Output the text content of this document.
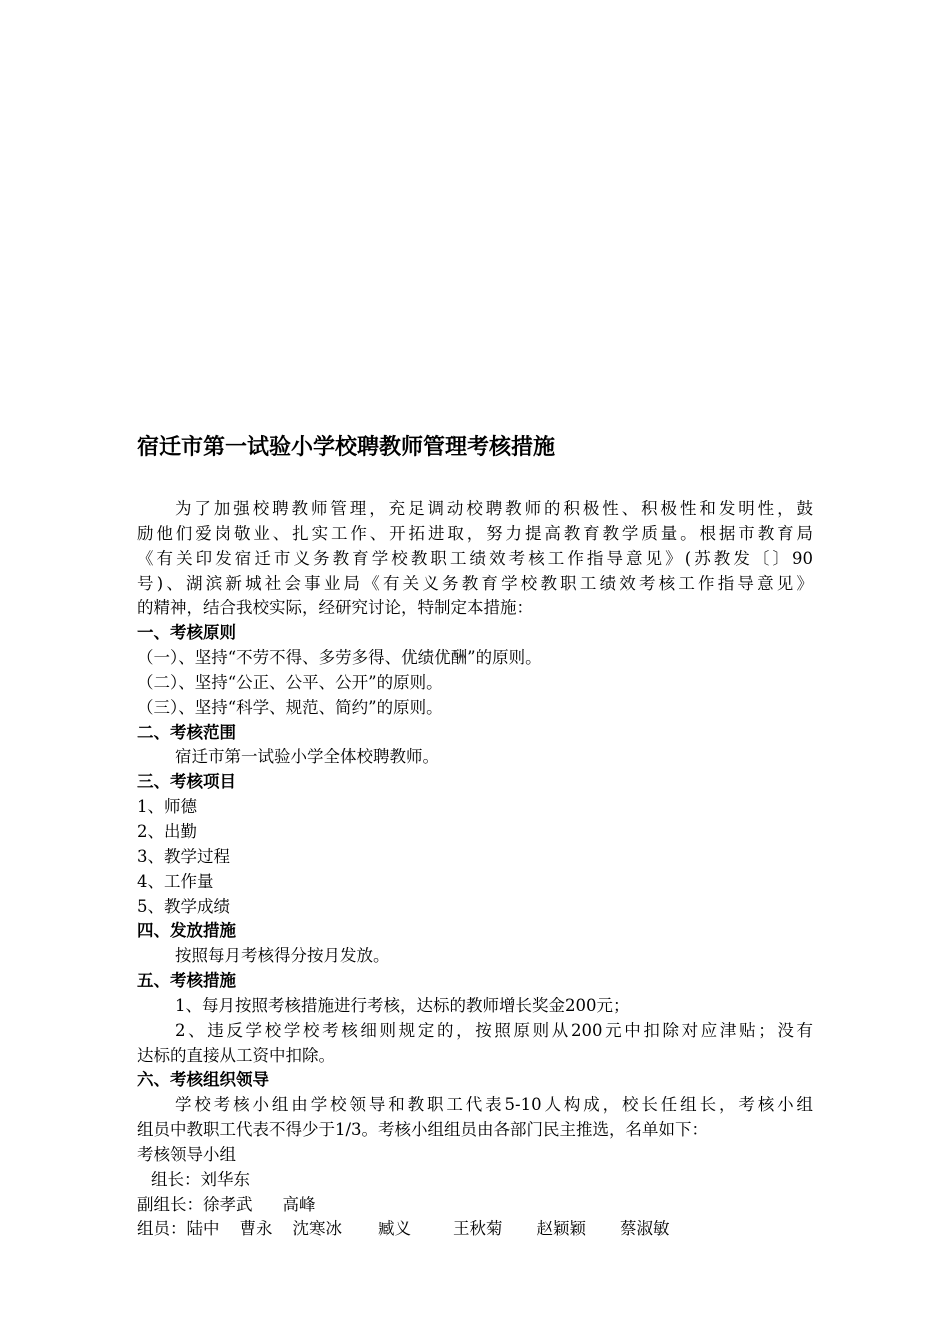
宿迁市第一试验小学校聘教师管理考核措施

为了加强校聘教师管理，充足调动校聘教师的积极性、积极性和发明性，鼓

励他们爱岗敬业、扎实工作、开拓进取，努力提高教育教学质量。根据市教育局

《有关印发宿迁市义务教育学校教职工绩效考核工作指导意见》(苏教发〔〕90

号)、湖滨新城社会事业局《有关义务教育学校教职工绩效考核工作指导意见》

的精神，结合我校实际，经研究讨论，特制定本措施：

一、考核原则

（一）、坚持“不劳不得、多劳多得、优绩优酬”的原则。

（二）、坚持“公正、公平、公开”的原则。

（三）、坚持“科学、规范、简约”的原则。

二、考核范围

宿迁市第一试验小学全体校聘教师。

三、考核项目

1、师德

2、出勤

3、教学过程

4、工作量

5、教学成绩

四、发放措施

按照每月考核得分按月发放。

五、考核措施

1、每月按照考核措施进行考核，达标的教师增长奖金200元；

2、违反学校学校考核细则规定的，按照原则从200元中扣除对应津贴；没有

达标的直接从工资中扣除。

六、考核组织领导

学校考核小组由学校领导和教职工代表5-10人构成，校长任组长，考核小组

组员中教职工代表不得少于1/3。考核小组组员由各部门民主推选，名单如下：

考核领导小组

组长：刘华东

副组长：徐孝武 高峰

组员：陆中 曹永 沈寒冰 臧义	王秋菊 赵颖颖 蔡淑敏
